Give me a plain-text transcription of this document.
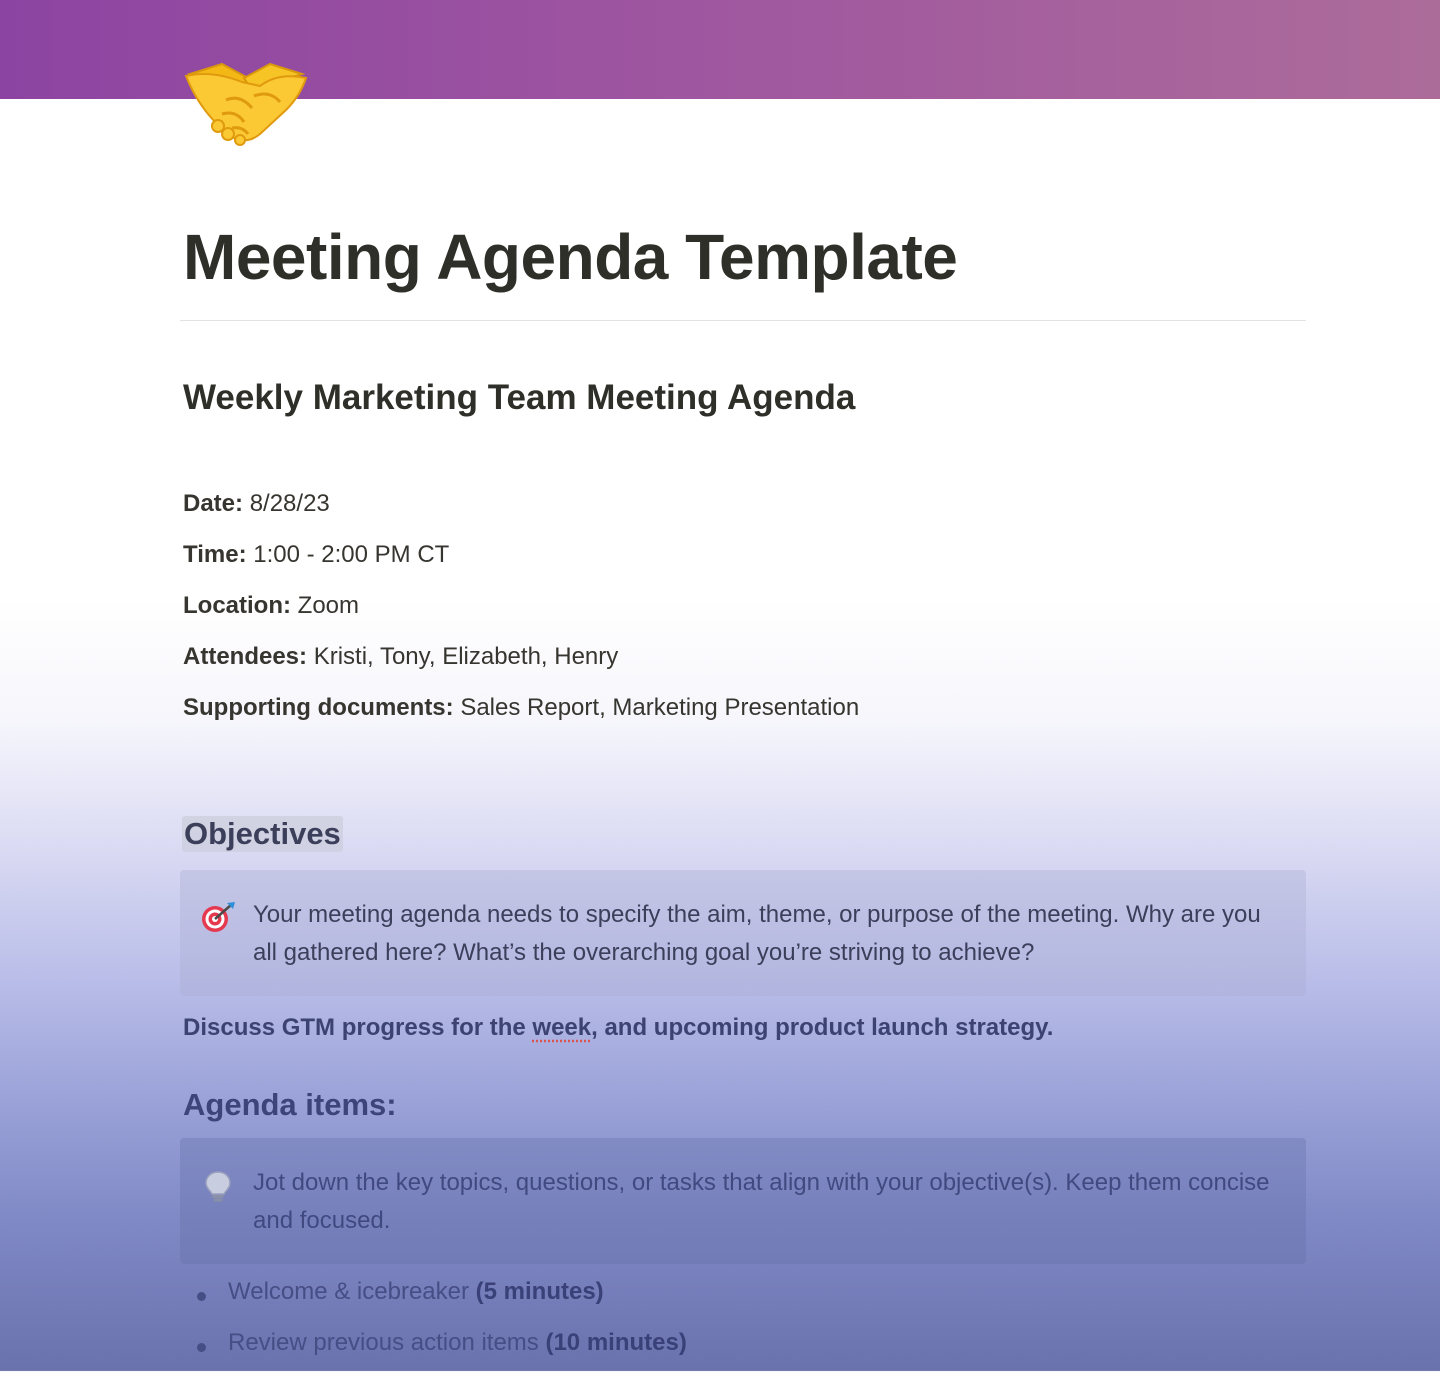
Meeting Agenda Template
Weekly Marketing Team Meeting Agenda
Date: 8/28/23
Time: 1:00 - 2:00 PM CT
Location: Zoom
Attendees: Kristi, Tony, Elizabeth, Henry
Supporting documents: Sales Report, Marketing Presentation
Objectives

Your meeting agenda needs to specify the aim, theme, or purpose of the meeting. Why are you all gathered here? What’s the overarching goal you’re striving to achieve?

Discuss GTM progress for the week, and upcoming product launch strategy.

Agenda items:

Jot down the key topics, questions, or tasks that align with your objective(s). Keep them concise and focused.

Welcome & icebreaker (5 minutes)
Review previous action items (10 minutes)
